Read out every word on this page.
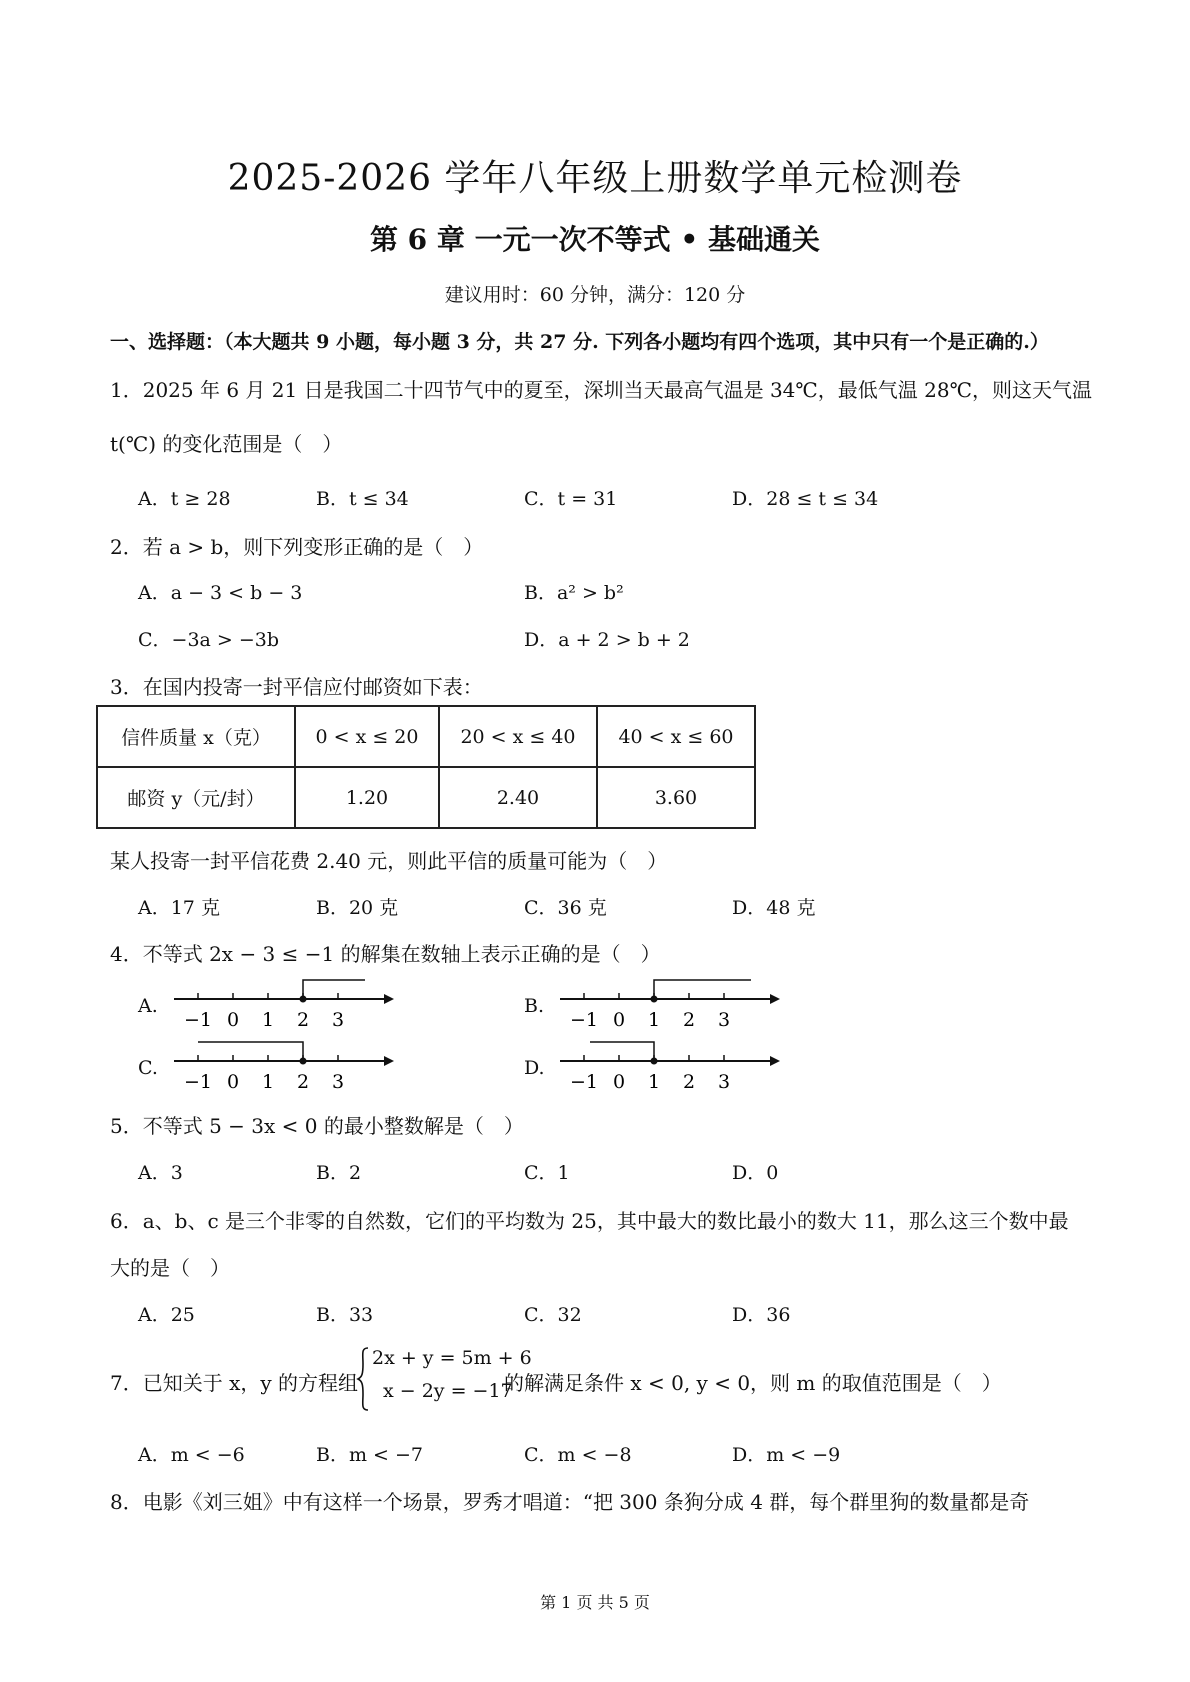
2025-2026 学年八年级上册数学单元检测卷
第 6 章 一元一次不等式 • 基础通关
建议用时：60 分钟，满分：120 分
一、选择题：（本大题共 9 小题，每小题 3 分，共 27 分. 下列各小题均有四个选项，其中只有一个是正确的.）
1．2025 年 6 月 21 日是我国二十四节气中的夏至，深圳当天最高气温是 34℃，最低气温 28℃，则这天气温
t(℃) 的变化范围是（　）
A．t ≥ 28	B．t ≤ 34	C．t = 31	D．28 ≤ t ≤ 34
2．若 a > b，则下列变形正确的是（　）
A．a − 3 < b − 3	B．a² > b²
C．−3a > −3b	D．a + 2 > b + 2
3．在国内投寄一封平信应付邮资如下表：
信件质量 x（克）	0 < x ≤ 20	20 < x ≤ 40	40 < x ≤ 60
邮资 y（元/封）	1.20	2.40	3.60
某人投寄一封平信花费 2.40 元，则此平信的质量可能为（　）
A．17 克	B．20 克	C．36 克	D．48 克
4．不等式 2x − 3 ≤ −1 的解集在数轴上表示正确的是（　）
A.
−1 0 1 2 3
B.
−1 0 1 2 3
C.
−1 0 1 2 3
D.
−1 0 1 2 3
5．不等式 5 − 3x < 0 的最小整数解是（　）
A．3	B．2	C．1	D．0
6．a、b、c 是三个非零的自然数，它们的平均数为 25，其中最大的数比最小的数大 11，那么这三个数中最
大的是（　）
A．25	B．33	C．32	D．36
7．已知关于 x，y 的方程组
2x + y = 5m + 6
x − 2y = −17
的解满足条件 x < 0, y < 0，则 m 的取值范围是（　）
A．m < −6	B．m < −7	C．m < −8	D．m < −9
8．电影《刘三姐》中有这样一个场景，罗秀才唱道：“把 300 条狗分成 4 群，每个群里狗的数量都是奇
第 1 页 共 5 页
